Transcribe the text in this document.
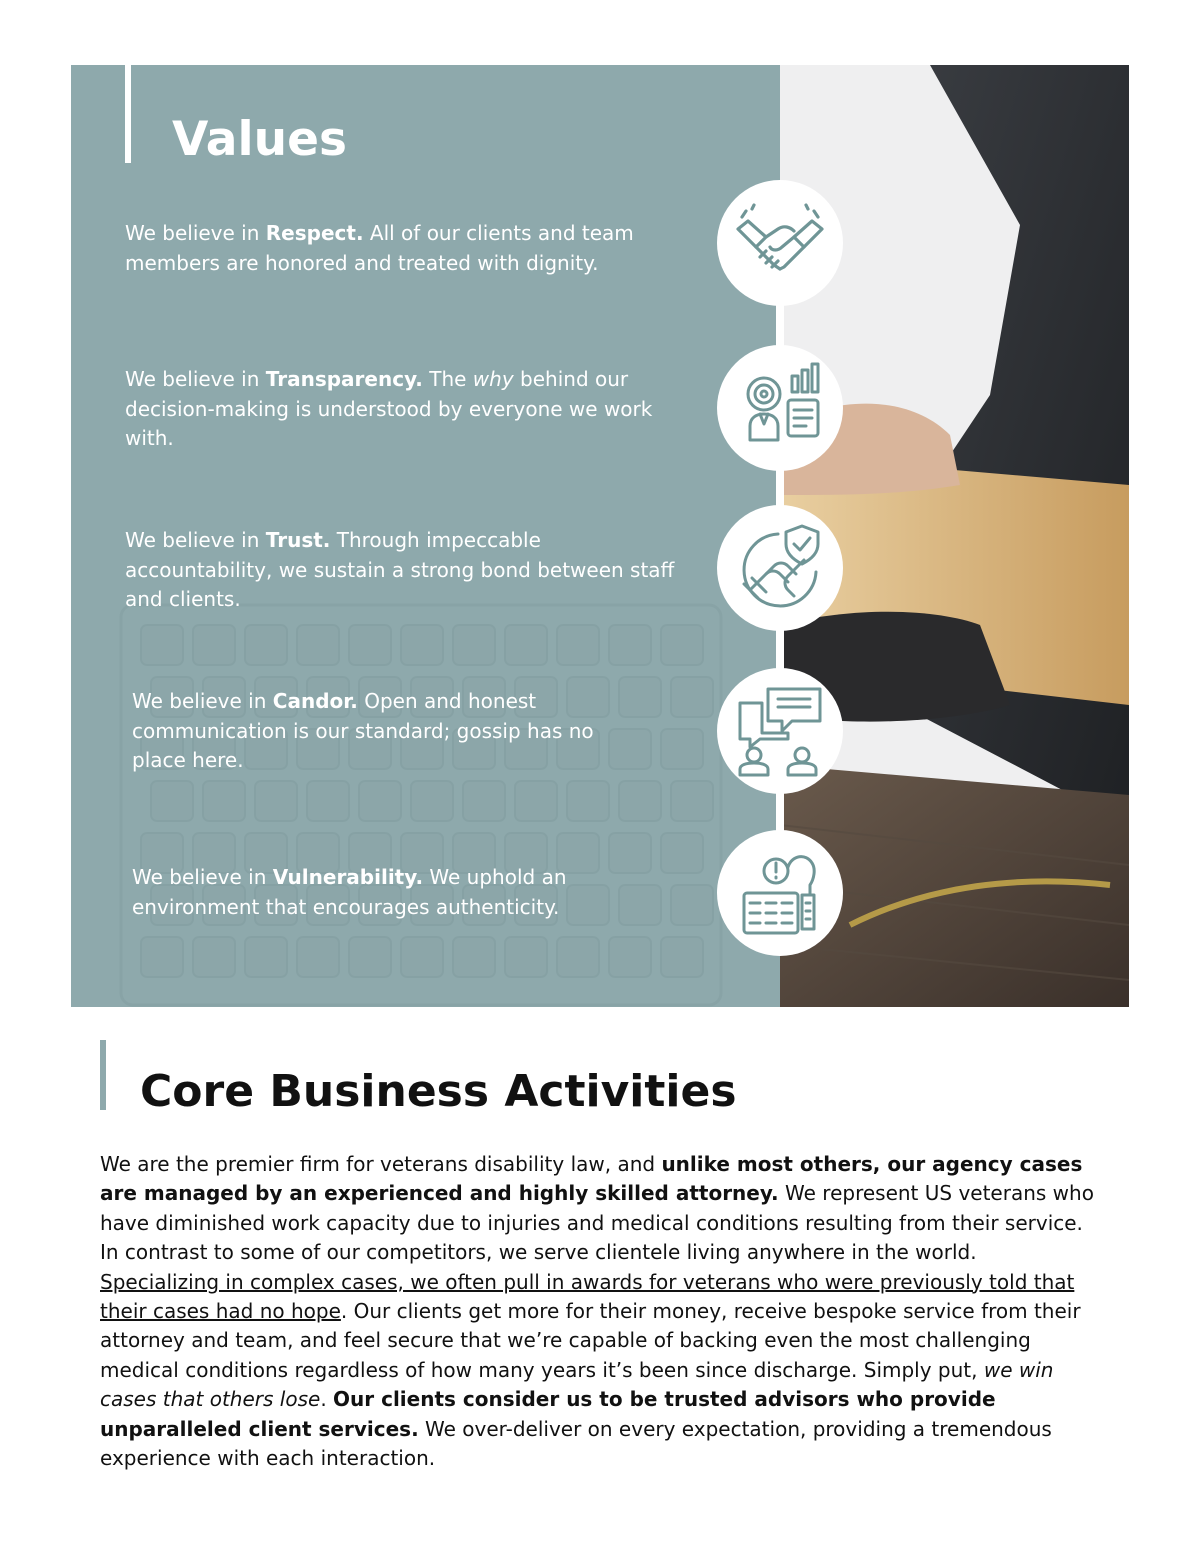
Values

We believe in Respect. All of our clients and team members are honored and treated with dignity.

We believe in Transparency. The why behind our decision-making is understood by everyone we work with.

We believe in Trust. Through impeccable accountability, we sustain a strong bond between staff and clients.

We believe in Candor. Open and honest communication is our standard; gossip has no place here.

We believe in Vulnerability. We uphold an environment that encourages authenticity.

Core Business Activities

We are the premier firm for veterans disability law, and unlike most others, our agency cases are managed by an experienced and highly skilled attorney. We represent US veterans who have diminished work capacity due to injuries and medical conditions resulting from their service. In contrast to some of our competitors, we serve clientele living anywhere in the world. Specializing in complex cases, we often pull in awards for veterans who were previously told that their cases had no hope. Our clients get more for their money, receive bespoke service from their attorney and team, and feel secure that we’re capable of backing even the most challenging medical conditions regardless of how many years it’s been since discharge. Simply put, we win cases that others lose. Our clients consider us to be trusted advisors who provide unparalleled client services. We over-deliver on every expectation, providing a tremendous experience with each interaction.
